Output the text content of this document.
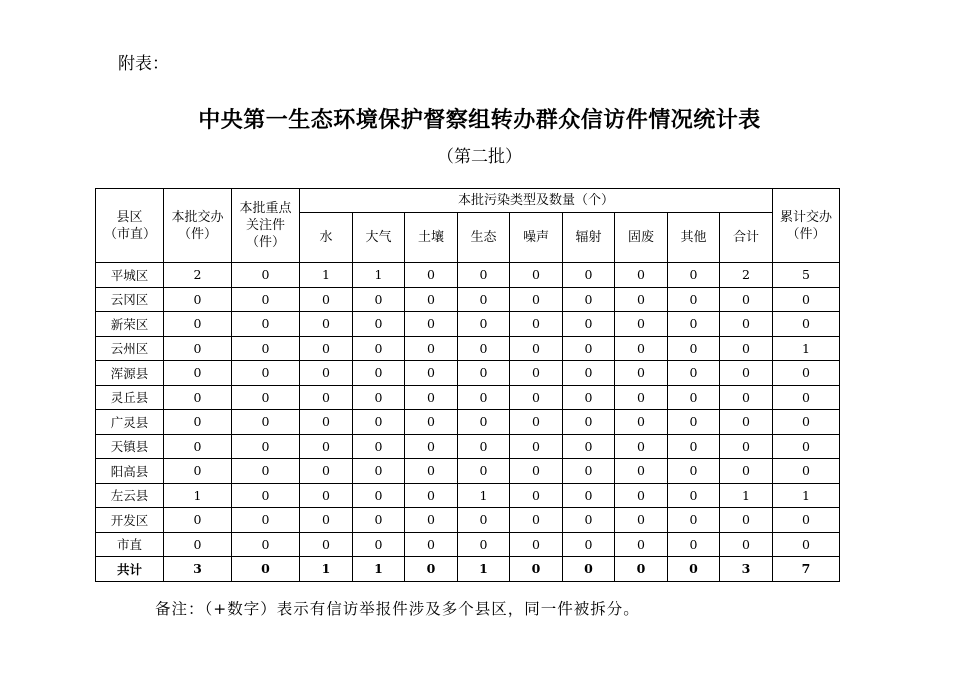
附表：
中央第一生态环境保护督察组转办群众信访件情况统计表
（第二批）
县区（市直）	本批交办（件）	本批重点关注件（件）	本批污染类型及数量（个）									累计交办（件）
			水	大气	土壤	生态	噪声	辐射	固废	其他	合计	
平城区	2	0	1	1	0	0	0	0	0	0	2	5
云冈区	0	0	0	0	0	0	0	0	0	0	0	0
新荣区	0	0	0	0	0	0	0	0	0	0	0	0
云州区	0	0	0	0	0	0	0	0	0	0	0	1
浑源县	0	0	0	0	0	0	0	0	0	0	0	0
灵丘县	0	0	0	0	0	0	0	0	0	0	0	0
广灵县	0	0	0	0	0	0	0	0	0	0	0	0
天镇县	0	0	0	0	0	0	0	0	0	0	0	0
阳高县	0	0	0	0	0	0	0	0	0	0	0	0
左云县	1	0	0	0	0	1	0	0	0	0	1	1
开发区	0	0	0	0	0	0	0	0	0	0	0	0
市直	0	0	0	0	0	0	0	0	0	0	0	0
共计	3	0	1	1	0	1	0	0	0	0	3	7
备注：（+数字）表示有信访举报件涉及多个县区，同一件被拆分。
